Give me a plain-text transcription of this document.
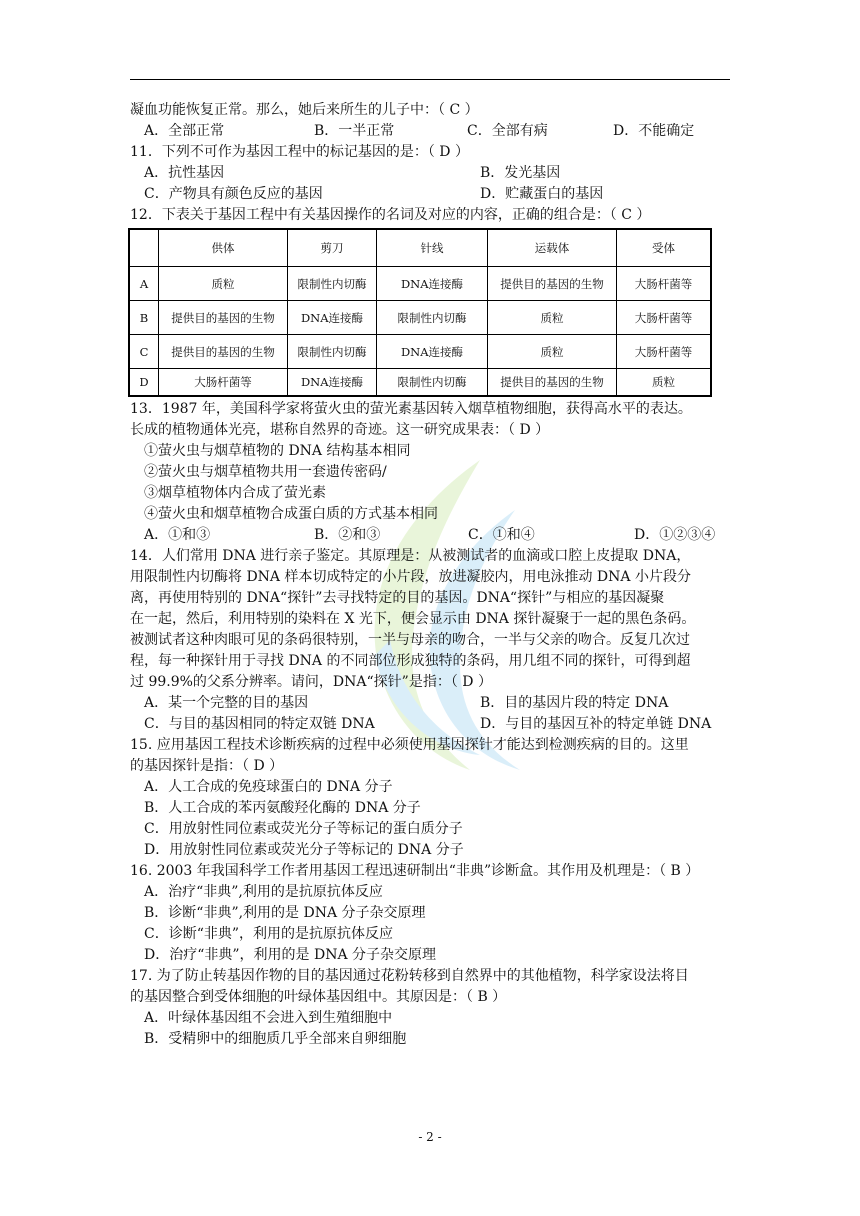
凝血功能恢复正常。那么，她后来所生的儿子中：（ C ）
A．全部正常	B．一半正常	C．全部有病	D．不能确定
11．下列不可作为基因工程中的标记基因的是：（ D ）
A．抗性基因	B．发光基因
C．产物具有颜色反应的基因	D．贮藏蛋白的基因
12．下表关于基因工程中有关基因操作的名词及对应的内容，正确的组合是：（ C ）
	供体	剪刀	针线	运载体	受体
A	质粒	限制性内切酶	DNA连接酶	提供目的基因的生物	大肠杆菌等
B	提供目的基因的生物	DNA连接酶	限制性内切酶	质粒	大肠杆菌等
C	提供目的基因的生物	限制性内切酶	DNA连接酶	质粒	大肠杆菌等
D	大肠杆菌等	DNA连接酶	限制性内切酶	提供目的基因的生物	质粒
13．1987 年，美国科学家将萤火虫的萤光素基因转入烟草植物细胞，获得高水平的表达。
长成的植物通体光亮，堪称自然界的奇迹。这一研究成果表：（ D ）
①萤火虫与烟草植物的 DNA 结构基本相同
②萤火虫与烟草植物共用一套遗传密码/
③烟草植物体内合成了萤光素
④萤火虫和烟草植物合成蛋白质的方式基本相同
A．①和③	B．②和③	C．①和④	D．①②③④
14．人们常用 DNA 进行亲子鉴定。其原理是：从被测试者的血滴或口腔上皮提取 DNA，
用限制性内切酶将 DNA 样本切成特定的小片段，放进凝胶内，用电泳推动 DNA 小片段分
离，再使用特别的 DNA“探针”去寻找特定的目的基因。DNA“探针”与相应的基因凝聚
在一起，然后，利用特别的染料在 X 光下，便会显示由 DNA 探针凝聚于一起的黑色条码。
被测试者这种肉眼可见的条码很特别，一半与母亲的吻合，一半与父亲的吻合。反复几次过
程，每一种探针用于寻找 DNA 的不同部位形成独特的条码，用几组不同的探针，可得到超
过 99.9%的父系分辨率。请问，DNA“探针”是指：（ D ）
A．某一个完整的目的基因	B．目的基因片段的特定 DNA
C．与目的基因相同的特定双链 DNA	D．与目的基因互补的特定单链 DNA
15. 应用基因工程技术诊断疾病的过程中必须使用基因探针才能达到检测疾病的目的。这里
的基因探针是指：（ D ）
A．人工合成的免疫球蛋白的 DNA 分子
B．人工合成的苯丙氨酸羟化酶的 DNA 分子
C．用放射性同位素或荧光分子等标记的蛋白质分子
D．用放射性同位素或荧光分子等标记的 DNA 分子
16. 2003 年我国科学工作者用基因工程迅速研制出“非典”诊断盒。其作用及机理是：（ B ）
A．治疗“非典”,利用的是抗原抗体反应
B．诊断“非典”,利用的是 DNA 分子杂交原理
C．诊断“非典”，利用的是抗原抗体反应
D．治疗“非典”，利用的是 DNA 分子杂交原理
17. 为了防止转基因作物的目的基因通过花粉转移到自然界中的其他植物，科学家设法将目
的基因整合到受体细胞的叶绿体基因组中。其原因是：（ B ）
A．叶绿体基因组不会进入到生殖细胞中
B．受精卵中的细胞质几乎全部来自卵细胞
- 2 -
